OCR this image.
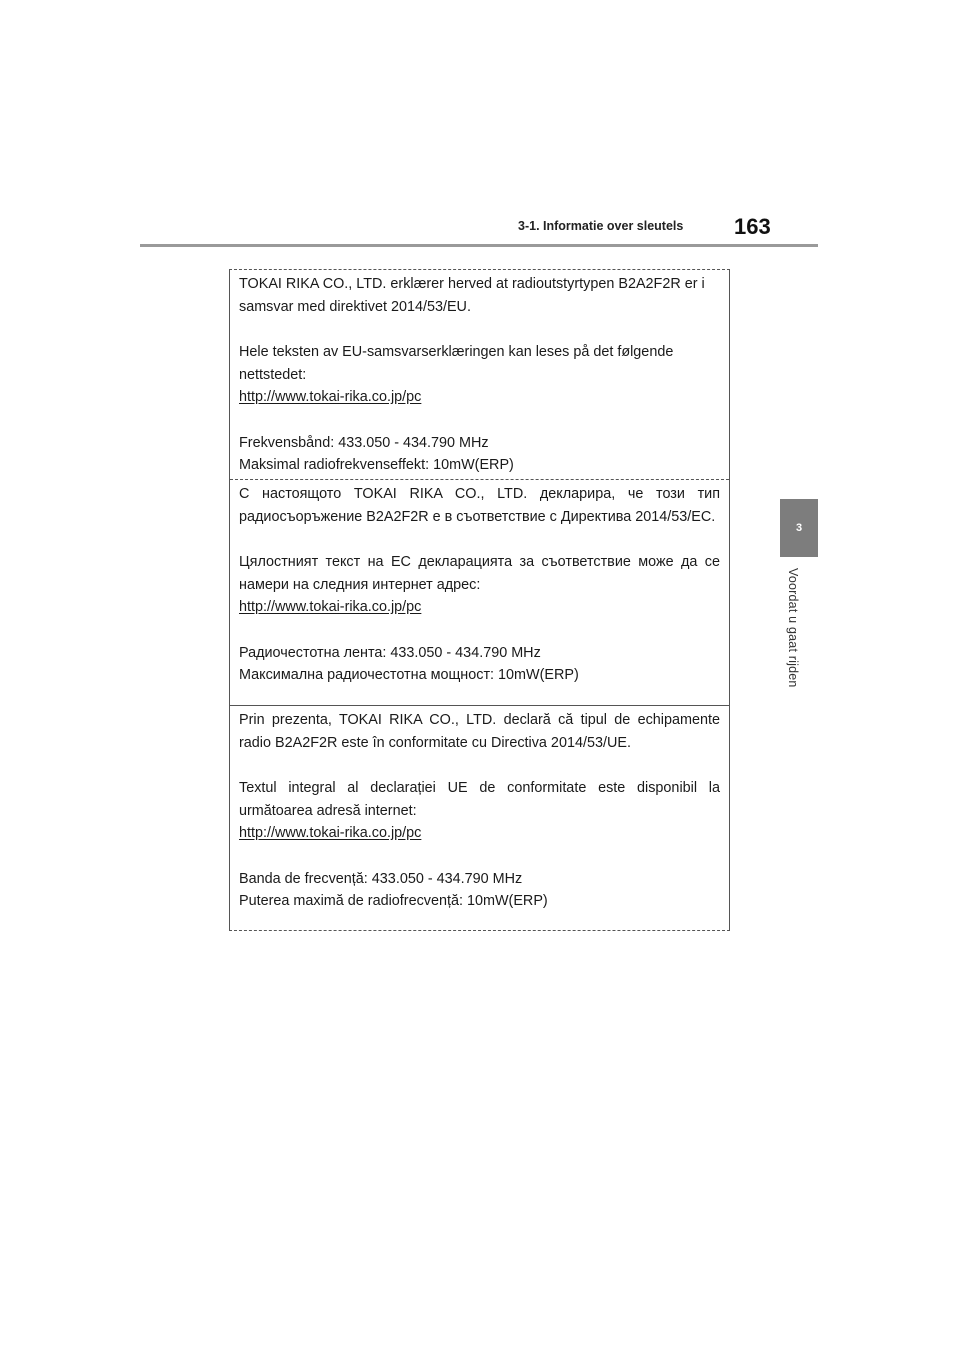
3-1. Informatie over sleutels 163
3
Voordat u gaat rijden

TOKAI RIKA CO., LTD. erklærer herved at radioutstyrtypen B2A2F2R er i samsvar med direktivet 2014/53/EU.

Hele teksten av EU-samsvarserklæringen kan leses på det følgende nettstedet:

http://www.tokai-rika.co.jp/pc

Frekvensbånd: 433.050 - 434.790 MHz

Maksimal radiofrekvenseffekt: 10mW(ERP)

С настоящото TOKAI RIKA CO., LTD. декларира, че този тип радиосъоръжение B2A2F2R е в съответствие с Директива 2014/53/ЕС.

Цялостният текст на ЕС декларацията за съответствие може да се намери на следния интернет адрес:

http://www.tokai-rika.co.jp/pc

Радиочестотна лента: 433.050 - 434.790 MHz

Максимална радиочестотна мощност: 10mW(ERP)

Prin prezenta, TOKAI RIKA CO., LTD. declară că tipul de echipamente radio B2A2F2R este în conformitate cu Directiva 2014/53/UE.

Textul integral al declarației UE de conformitate este disponibil la următoarea adresă internet:

http://www.tokai-rika.co.jp/pc

Banda de frecvență: 433.050 - 434.790 MHz

Puterea maximă de radiofrecvență: 10mW(ERP)
